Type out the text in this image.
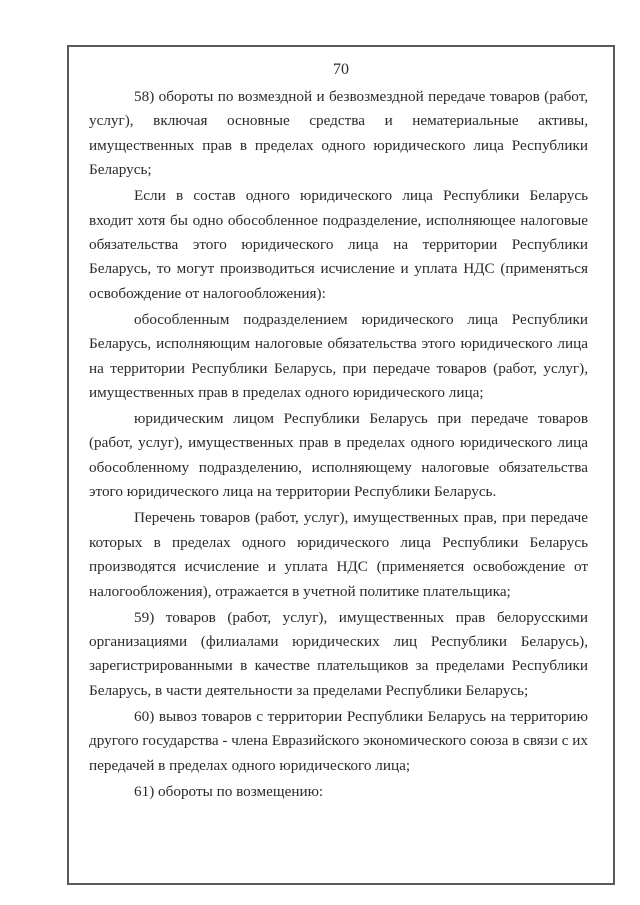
70

58) обороты по возмездной и безвозмездной передаче товаров (работ, услуг), включая основные средства и нематериальные активы, имущественных прав в пределах одного юридического лица Республики Беларусь;

Если в состав одного юридического лица Республики Беларусь входит хотя бы одно обособленное подразделение, исполняющее налоговые обязательства этого юридического лица на территории Республики Беларусь, то могут производиться исчисление и уплата НДС (применяться освобождение от налогообложения):

обособленным подразделением юридического лица Республики Беларусь, исполняющим налоговые обязательства этого юридического лица на территории Республики Беларусь, при передаче товаров (работ, услуг), имущественных прав в пределах одного юридического лица;

юридическим лицом Республики Беларусь при передаче товаров (работ, услуг), имущественных прав в пределах одного юридического лица обособленному подразделению, исполняющему налоговые обязательства этого юридического лица на территории Республики Беларусь.

Перечень товаров (работ, услуг), имущественных прав, при передаче которых в пределах одного юридического лица Республики Беларусь производятся исчисление и уплата НДС (применяется освобождение от налогообложения), отражается в учетной политике плательщика;

59) товаров (работ, услуг), имущественных прав белорусскими организациями (филиалами юридических лиц Республики Беларусь), зарегистрированными в качестве плательщиков за пределами Республики Беларусь, в части деятельности за пределами Республики Беларусь;

60) вывоз товаров с территории Республики Беларусь на территорию другого государства - члена Евразийского экономического союза в связи с их передачей в пределах одного юридического лица;

61) обороты по возмещению:
